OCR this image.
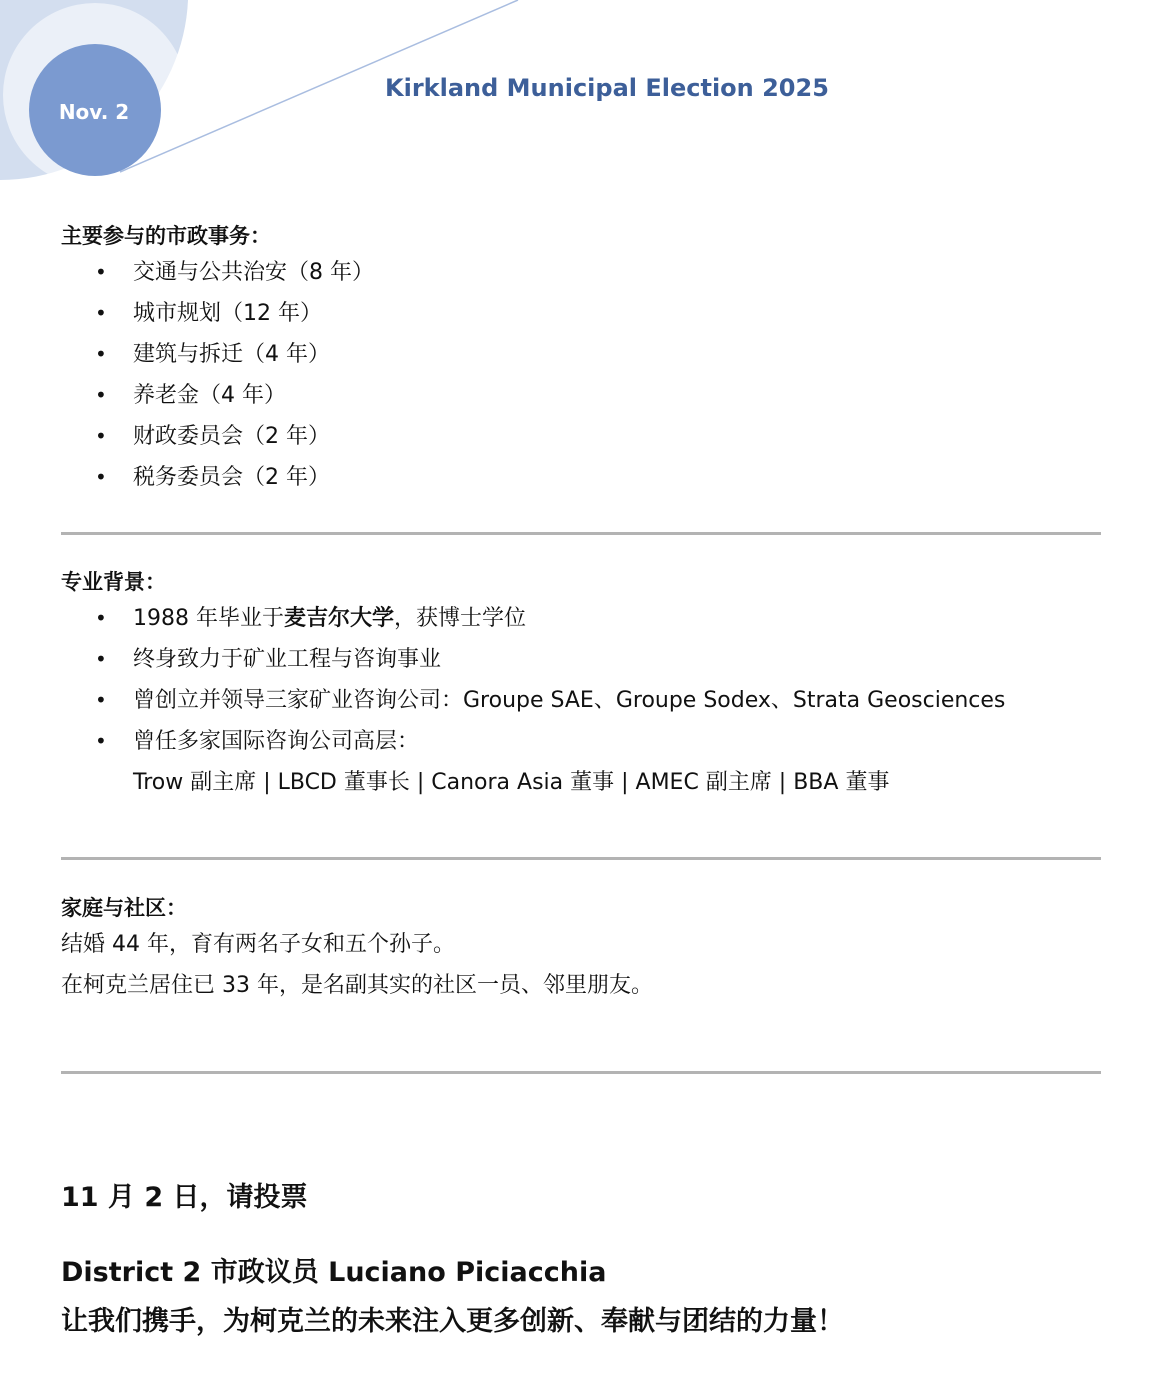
Nov. 2
Kirkland Municipal Election 2025

主要参与的市政事务：

• 交通与公共治安（8 年）
• 城市规划（12 年）
• 建筑与拆迁（4 年）
• 养老金（4 年）
• 财政委员会（2 年）
• 税务委员会（2 年）

专业背景：

• 1988 年毕业于麦吉尔大学，获博士学位
• 终身致力于矿业工程与咨询事业
• 曾创立并领导三家矿业咨询公司：Groupe SAE、Groupe Sodex、Strata Geosciences
• 曾任多家国际咨询公司高层：
Trow 副主席 | LBCD 董事长 | Canora Asia 董事 | AMEC 副主席 | BBA 董事

家庭与社区：

结婚 44 年，育有两名子女和五个孙子。

在柯克兰居住已 33 年，是名副其实的社区一员、邻里朋友。

11 月 2 日，请投票

District 2 市政议员 Luciano Piciacchia

让我们携手，为柯克兰的未来注入更多创新、奉献与团结的力量！
